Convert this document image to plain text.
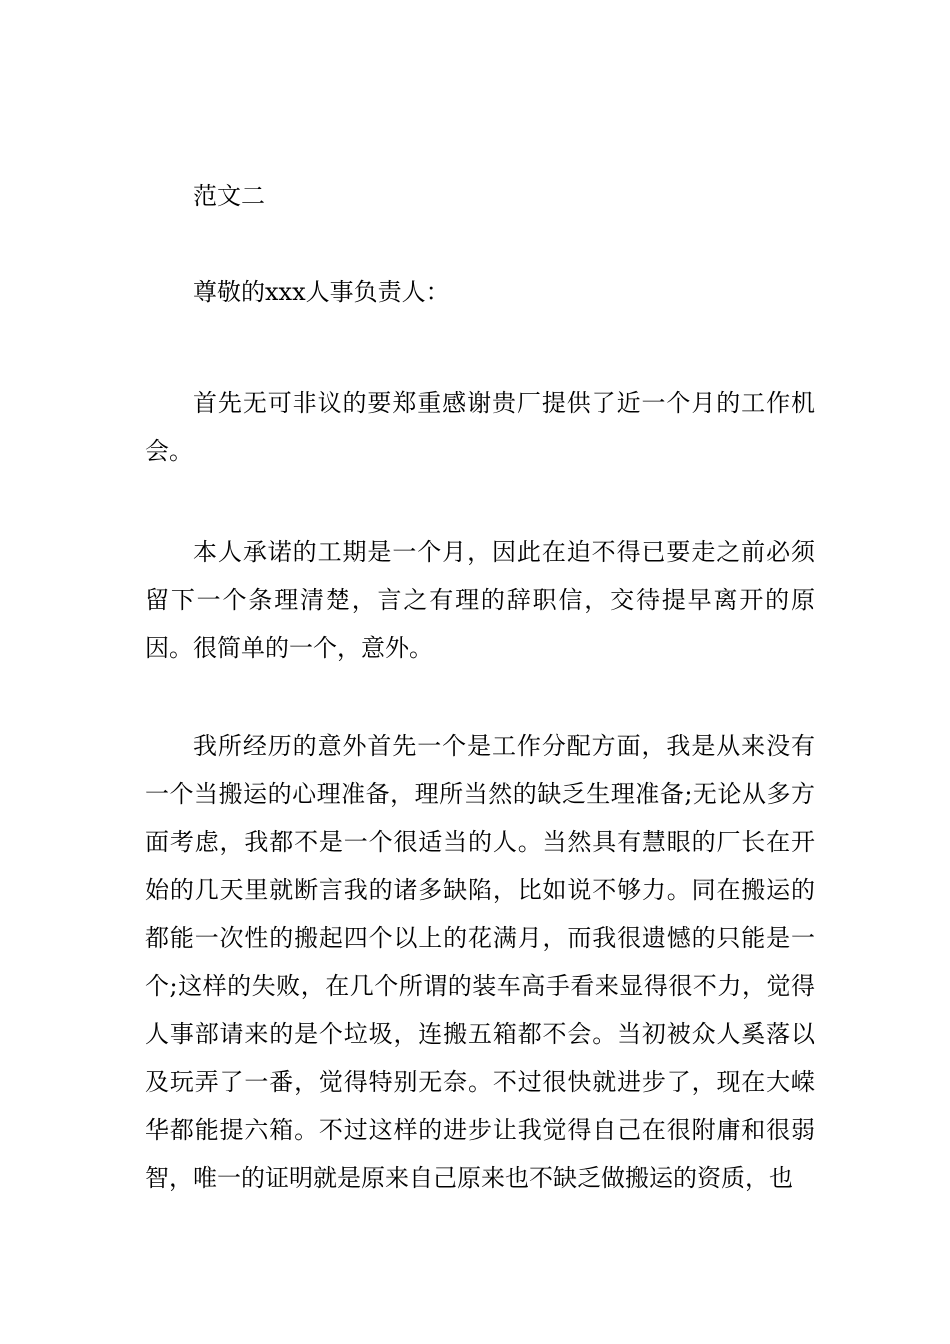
范文二

尊敬的xxx人事负责人：

首先无可非议的要郑重感谢贵厂提供了近一个月的工作机会。

本人承诺的工期是一个月，因此在迫不得已要走之前必须留下一个条理清楚，言之有理的辞职信，交待提早离开的原因。很简单的一个，意外。

我所经历的意外首先一个是工作分配方面，我是从来没有一个当搬运的心理准备，理所当然的缺乏生理准备;无论从多方面考虑，我都不是一个很适当的人。当然具有慧眼的厂长在开始的几天里就断言我的诸多缺陷，比如说不够力。同在搬运的都能一次性的搬起四个以上的花满月，而我很遗憾的只能是一个;这样的失败，在几个所谓的装车高手看来显得很不力，觉得人事部请来的是个垃圾，连搬五箱都不会。当初被众人奚落以及玩弄了一番，觉得特别无奈。不过很快就进步了，现在大嵘华都能提六箱。不过这样的进步让我觉得自己在很附庸和很弱智，唯一的证明就是原来自己原来也不缺乏做搬运的资质，也
